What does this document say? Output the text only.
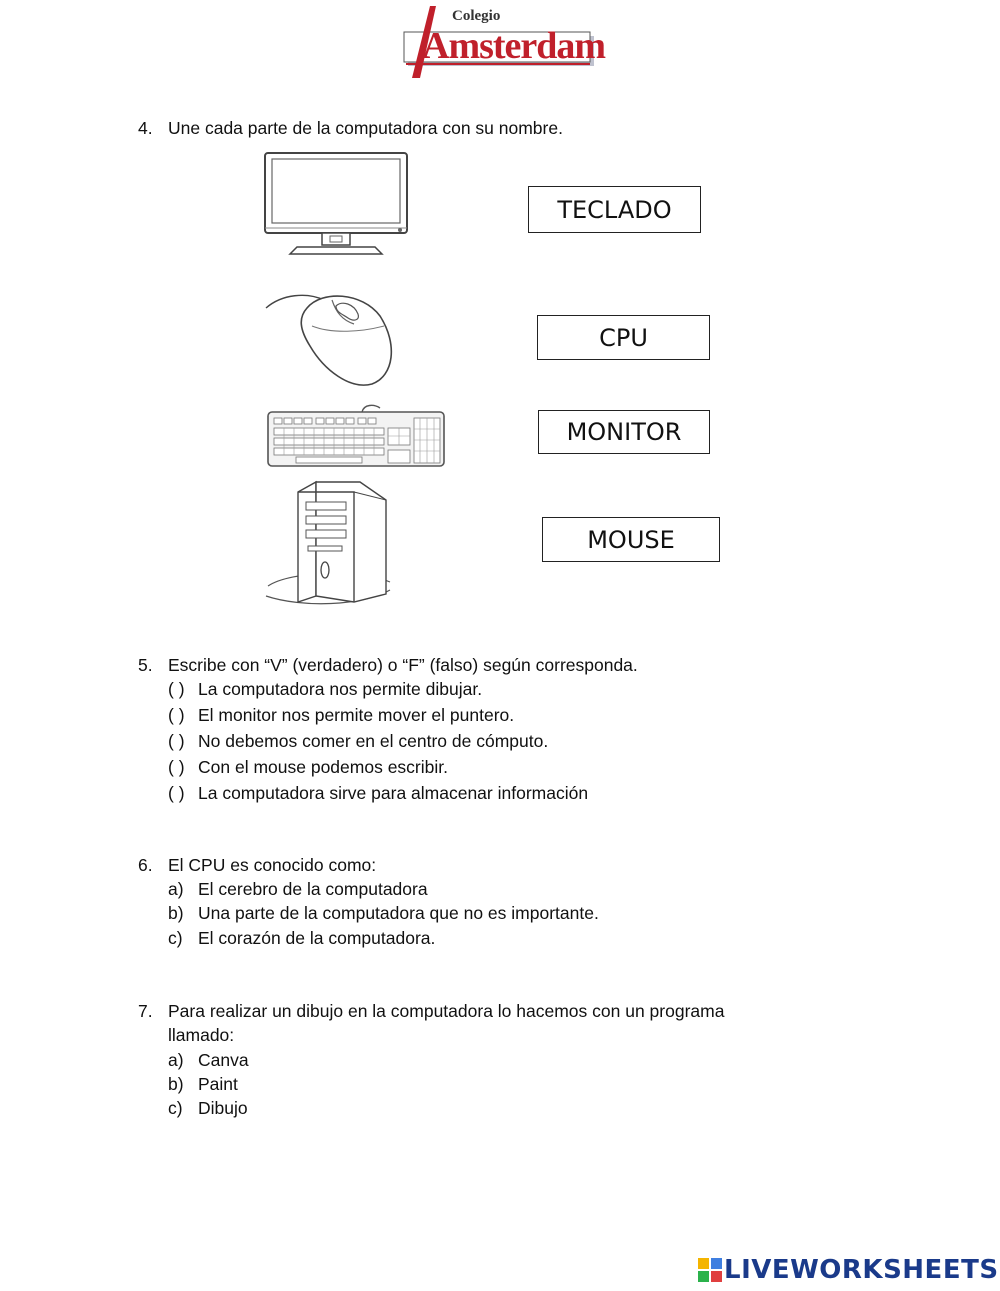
Colegio
Amsterdam
4. Une cada parte de la computadora con su nombre.
TECLADO
CPU
MONITOR
MOUSE
5. Escribe con “V” (verdadero) o “F” (falso) según corresponda.
( ) La computadora nos permite dibujar.
( ) El monitor nos permite mover el puntero.
( ) No debemos comer en el centro de cómputo.
( ) Con el mouse podemos escribir.
( ) La computadora sirve para almacenar información
6. El CPU es conocido como:
a) El cerebro de la computadora
b) Una parte de la computadora que no es importante.
c) El corazón de la computadora.
7. Para realizar un dibujo en la computadora lo hacemos con un programa
llamado:
a) Canva
b) Paint
c) Dibujo
LIVEWORKSHEETS
